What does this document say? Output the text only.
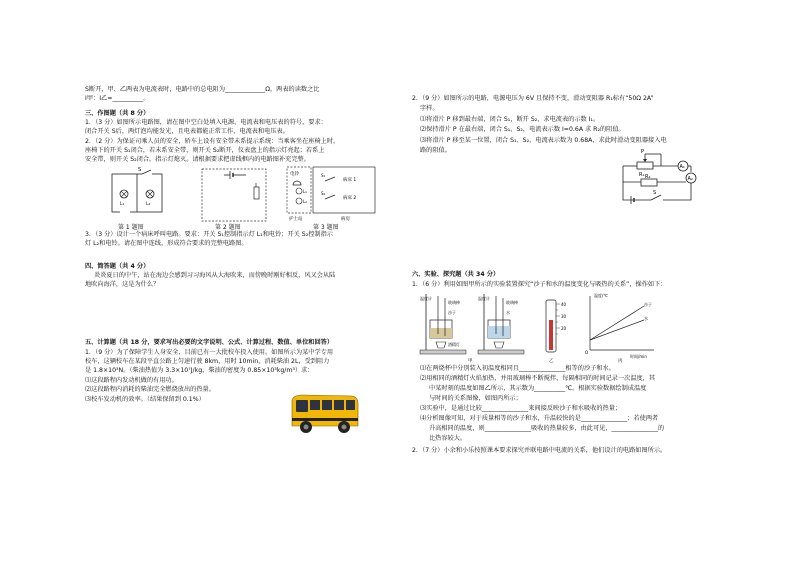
S断开，甲、乙两表为电流表时，电路中的总电阻为_____________Ω，两表的读数之比
I甲：I乙=__________。
三、作图题（共 8 分）
1．（3 分）如图所示电路图，请在图中空白处填入电源、电流表和电压表的符号，要求：
闭合开关 S后，两灯泡均能发光，且电表都能正常工作，电流表和电压表。
2．（2 分）为保证司乘人员的安全，轿车上设有安全带未系提示系统：当乘客坐在座椅上时，
座椅下的开关 S₁闭合，若未系安全带，则开关 S₂断开，仪表盘上的指示灯亮起；若系上
安全带，则开关 S₂闭合，指示灯熄灭。请根据要求把虚线框内的电路图补充完整。
S
L₁	L₂
电铃
L₁
L₂
S₁
S₂
病床 1
病床 2
护士站	病房
第 1 题图	第 2 题图	第 3 题图
3．（3 分）设计一个病床呼叫电路。要求：开关 S₁控制指示灯 L₁和电铃；开关 S₂控制指示
灯 L₂和电铃。请在图中连线，形成符合要求的完整电路图。
四、简答题（共 4 分）
炎炎夏日的中午，站在海边会感到习习海风从大海吹来，而傍晚时刚好相反，风又会从陆
地吹向海洋，这是为什么？
五、计算题（共 18 分，要求写出必要的文字说明、公式、计算过程、数值、单位和回答）
1．（9 分）为了保障学生人身安全，目前已有一大批校车投入使用。如图所示为某中学专用
校车，这辆校车在某段平直公路上匀速行驶 8km，用时 10min，消耗柴油 2L，受到阻力
是 1.8×10³N。（柴油热值为 3.3×10⁷J/kg，柴油的密度为 0.85×10³kg/m³）求：
⑴这段路程内发动机做的有用功。
⑵这段路程内消耗的柴油完全燃烧放出的热量。
⑶校车发动机的效率。（结果保留到 0.1%）
2．（9 分）如图所示的电路，电源电压为 6V 且保持不变，滑动变阻器 R₁标有“50Ω 2A”
字样。
⑴将滑片 P 移到最右端，闭合 S₁，断开 S₂，求电流表的示数 I₁。
⑵保持滑片 P 在最右端，闭合 S₁、S₂，电流表示数 I=0.6A 求 R₂的阻值。
⑶将滑片 P 移至某一位置，闭合 S₁、S₂，电流表示数为 0.68A，求此时滑动变阻器接入电
路的阻值。	P
R₁
A₁
R₂	A₂
S
六、实验、探究题（共 34 分）
1．（6 分）利用如图甲所示的实验装置探究“沙子和水的温度变化与吸热的关系”，操作如下：
温度计
玻璃棒
沙子
酒精灯
温度计
玻璃棒
水
甲
40
30
20
乙
温度/℃
时间/min
沙子
水
O
丙
⑴在两烧杯中分别装入初温度相同且_______________相等的沙子和水。
⑵用相同的酒精灯火焰加热，并用玻璃棒不断搅拌，每隔相同的时间记录一次温度，其
中某时刻的温度如图乙所示，其示数为__________℃。根据实验数据绘制成温度
与时间的关系图像，如图丙所示；
⑶实验中，是通过比较_______________来间接反映沙子和水吸收的热量；
⑷分析图像可知，对于质量相等的沙子和水，升温较快的是_______________；若使两者
升高相同的温度，则_______________吸收的热量较多，由此可见，_______________的
比热容较大。
2．（7 分）小余和小乐按照课本要求探究并联电路中电流的关系，他们设计的电路如图所示。
